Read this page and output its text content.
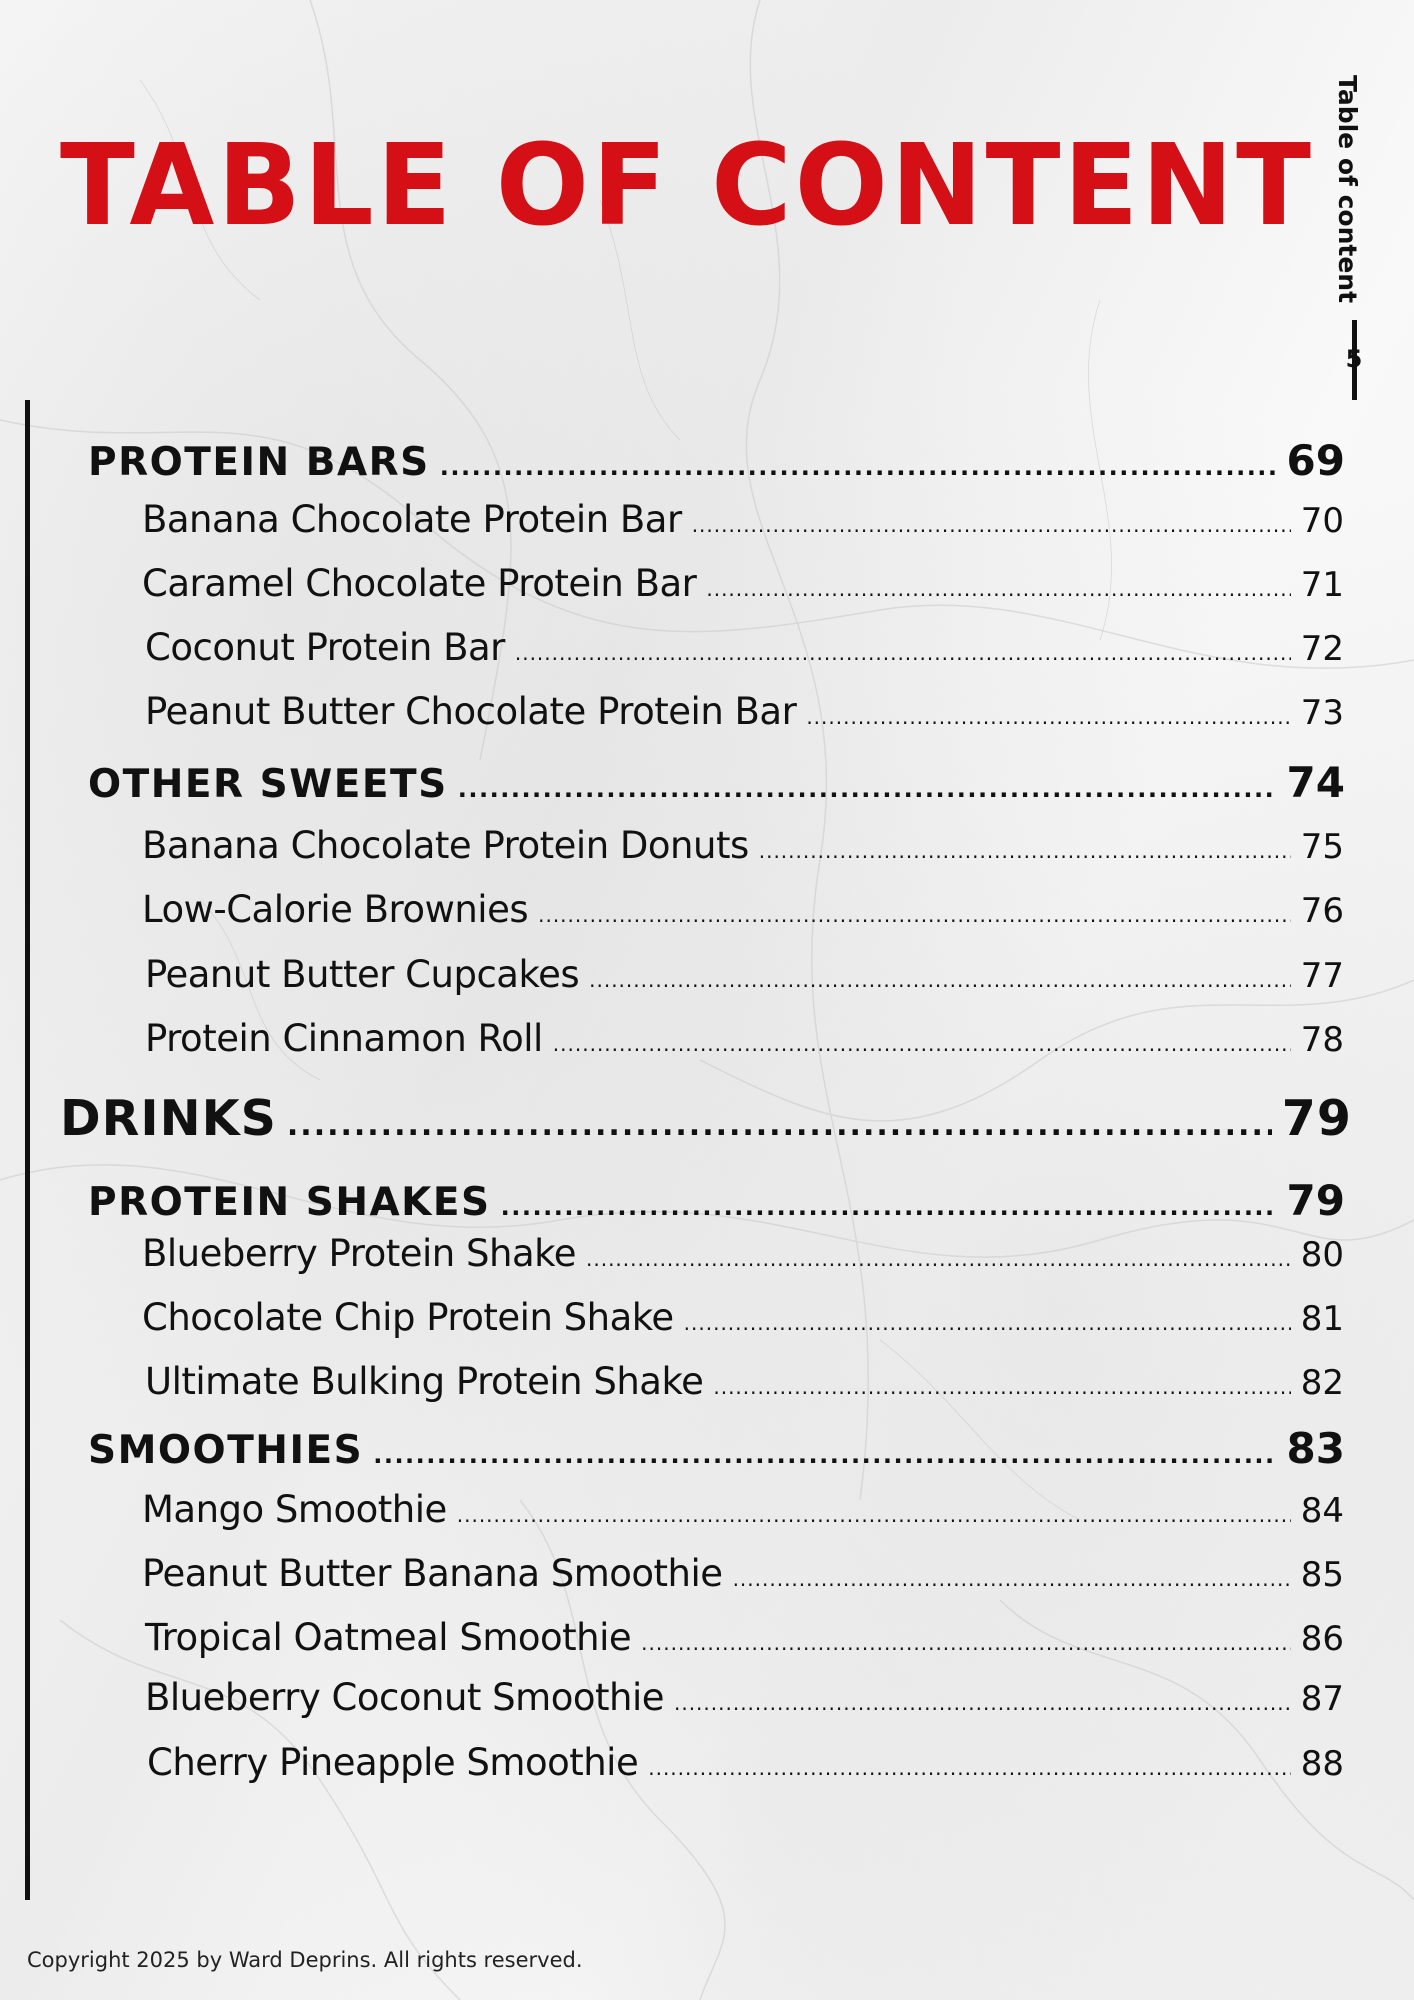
TABLE OF CONTENT Table of content
5
PROTEIN BARS .....	69
Banana Chocolate Protein Bar .....	70
Caramel Chocolate Protein Bar .....	71
Coconut Protein Bar .....	72
Peanut Butter Chocolate Protein Bar .....	73
OTHER SWEETS .....	74
Banana Chocolate Protein Donuts .....	75
Low-Calorie Brownies .....	76
Peanut Butter Cupcakes .....	77
Protein Cinnamon Roll .....	78
DRINKS .....	79
PROTEIN SHAKES .....	79
Blueberry Protein Shake .....	80
Chocolate Chip Protein Shake .....	81
Ultimate Bulking Protein Shake .....	82
SMOOTHIES .....	83
Mango Smoothie .....	84
Peanut Butter Banana Smoothie .....	85
Tropical Oatmeal Smoothie .....	86
Blueberry Coconut Smoothie .....	87
Cherry Pineapple Smoothie .....	88
Copyright 2025 by Ward Deprins. All rights reserved.
